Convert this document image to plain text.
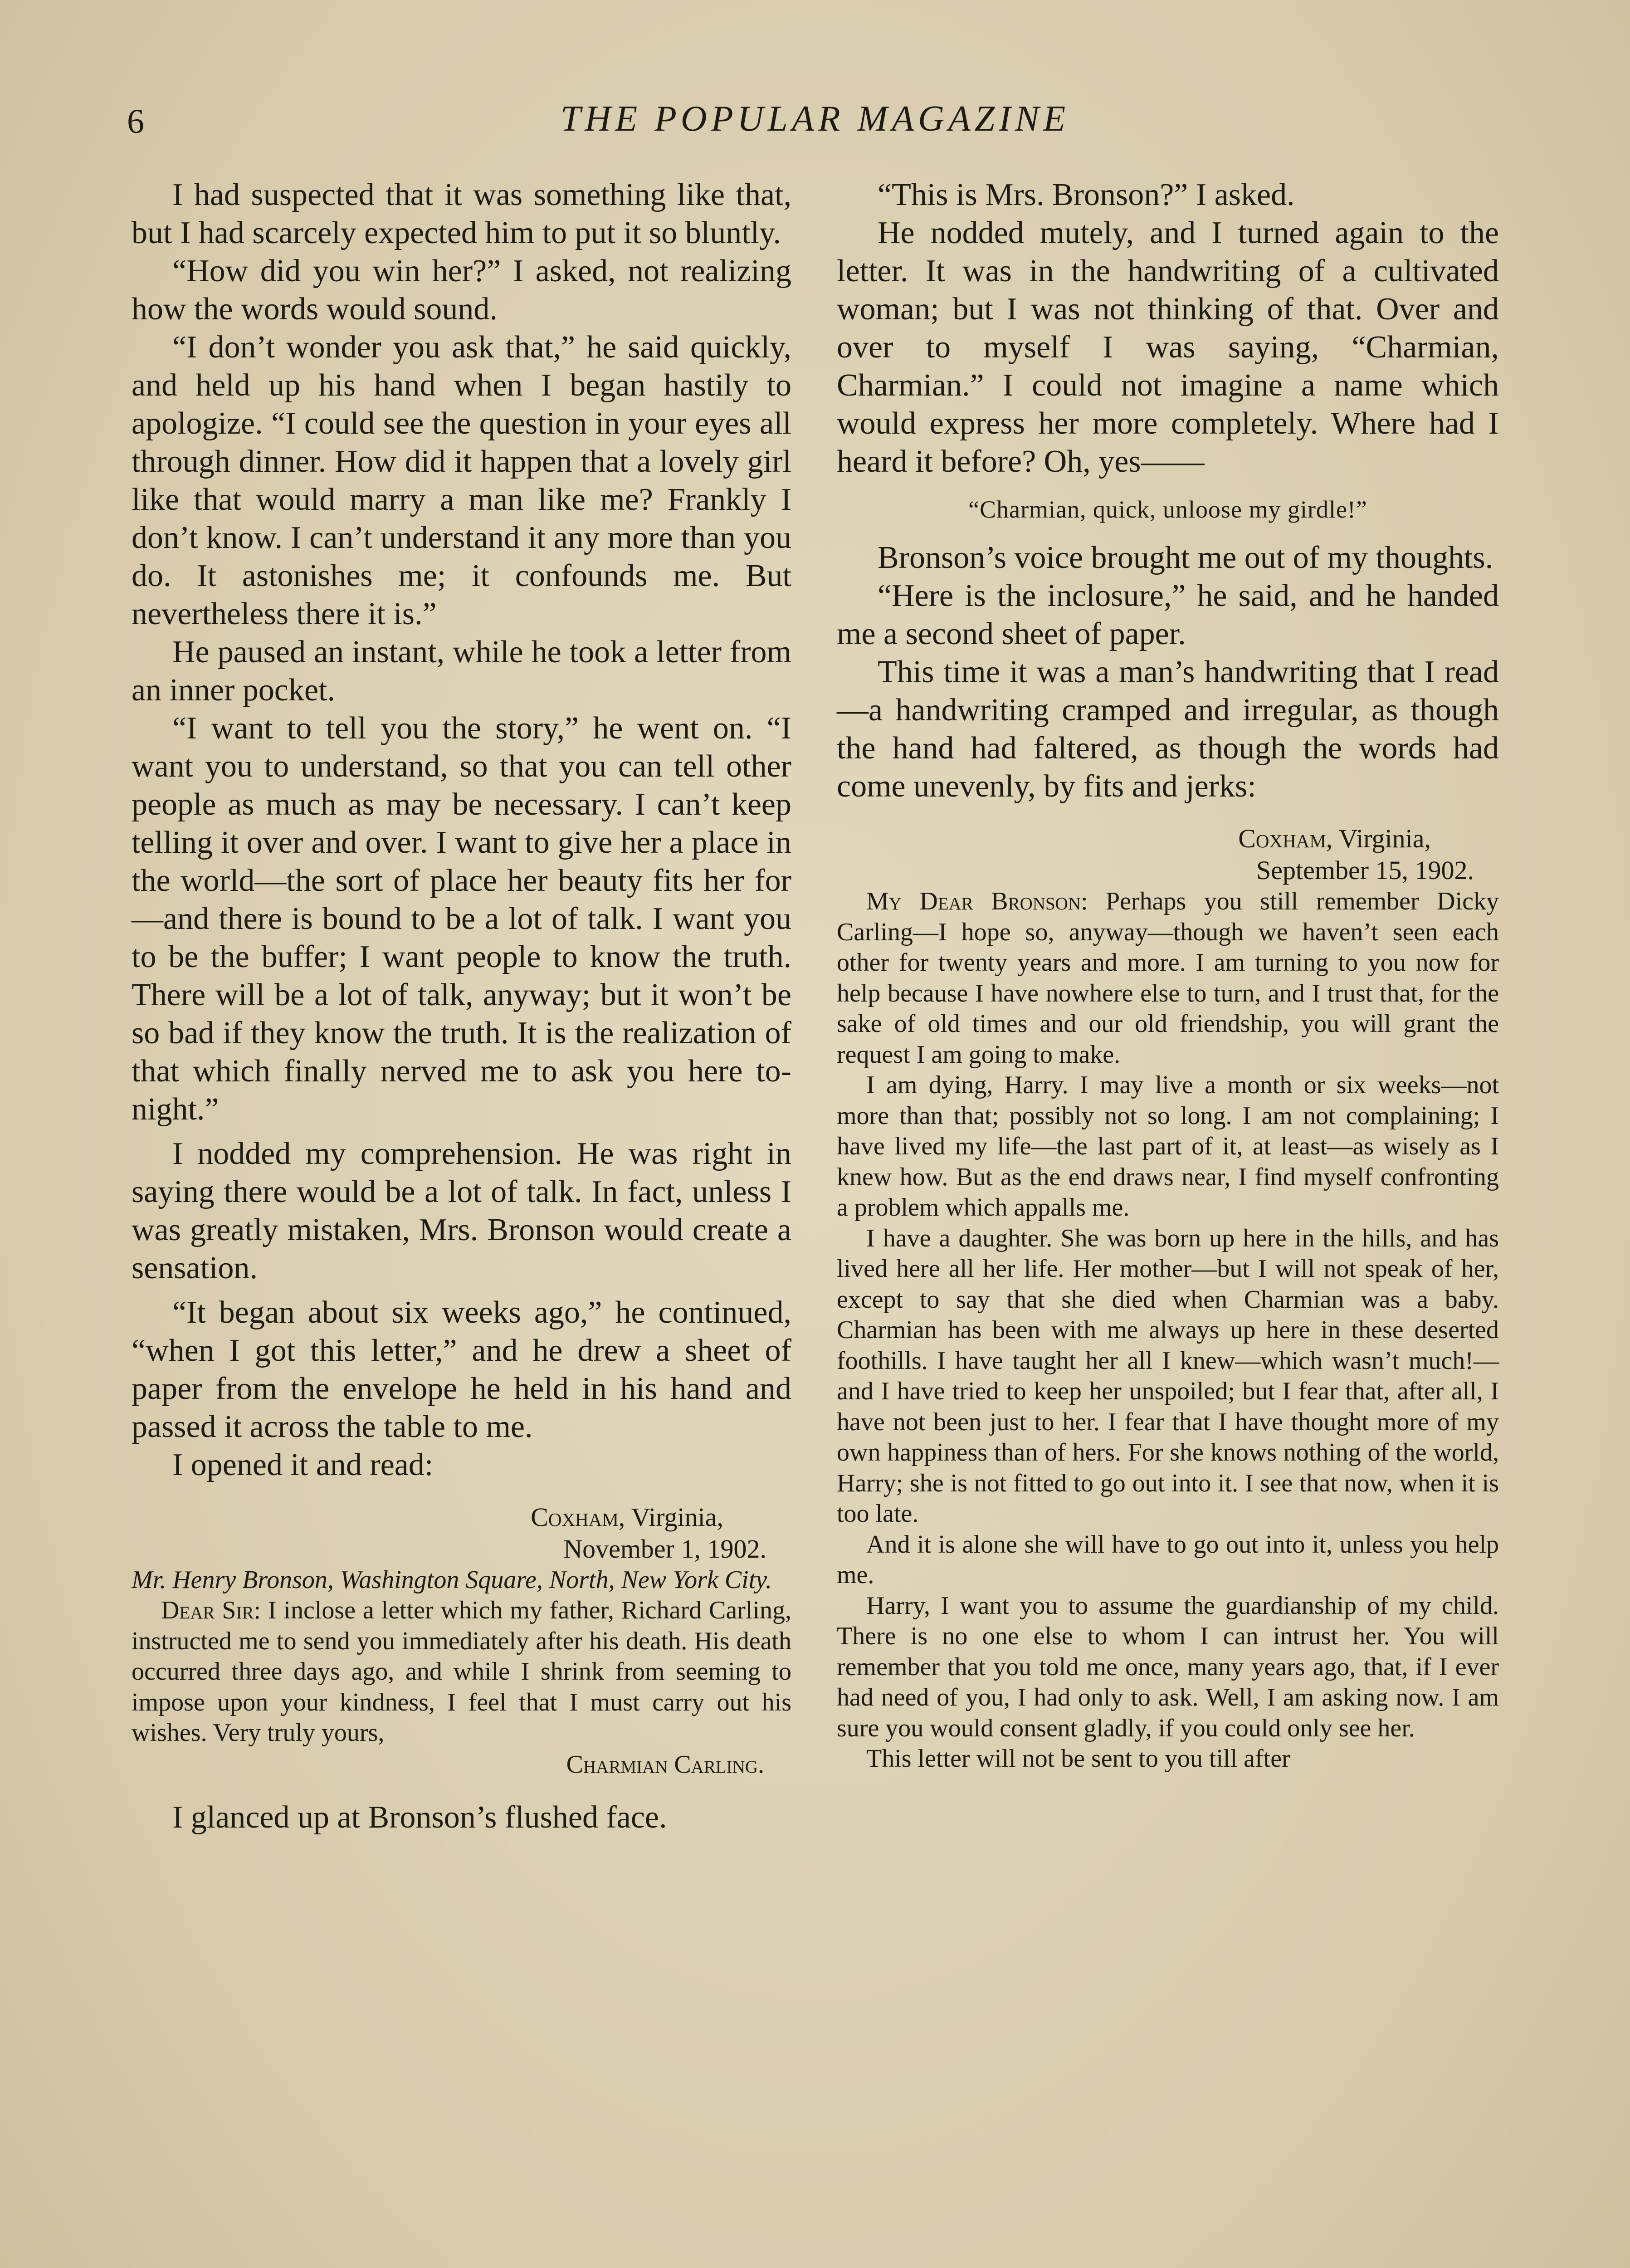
6	THE POPULAR MAGAZINE

I had suspected that it was something like that, but I had scarcely expected him to put it so bluntly.

“How did you win her?” I asked, not realizing how the words would sound.

“I don’t wonder you ask that,” he said quickly, and held up his hand when I began hastily to apologize. “I could see the question in your eyes all through dinner. How did it happen that a lovely girl like that would marry a man like me? Frankly I don’t know. I can’t understand it any more than you do. It astonishes me; it confounds me. But nevertheless there it is.”

He paused an instant, while he took a letter from an inner pocket.

“I want to tell you the story,” he went on. “I want you to understand, so that you can tell other people as much as may be necessary. I can’t keep telling it over and over. I want to give her a place in the world—the sort of place her beauty fits her for—and there is bound to be a lot of talk. I want you to be the buffer; I want people to know the truth. There will be a lot of talk, anyway; but it won’t be so bad if they know the truth. It is the realization of that which finally nerved me to ask you here to-night.”

I nodded my comprehension. He was right in saying there would be a lot of talk. In fact, unless I was greatly mistaken, Mrs. Bronson would create a sensation.

“It began about six weeks ago,” he continued, “when I got this letter,” and he drew a sheet of paper from the envelope he held in his hand and passed it across the table to me.

I opened it and read:

Coxham, Virginia,

November 1, 1902.

Mr. Henry Bronson, Washington Square, North, New York City.

Dear Sir: I inclose a letter which my father, Richard Carling, instructed me to send you immediately after his death. His death occurred three days ago, and while I shrink from seeming to impose upon your kindness, I feel that I must carry out his wishes. Very truly yours,

Charmian Carling.

I glanced up at Bronson’s flushed face.

“This is Mrs. Bronson?” I asked.

He nodded mutely, and I turned again to the letter. It was in the handwriting of a cultivated woman; but I was not thinking of that. Over and over to myself I was saying, “Charmian, Charmian.” I could not imagine a name which would express her more completely. Where had I heard it before? Oh, yes——

“Charmian, quick, unloose my girdle!”

Bronson’s voice brought me out of my thoughts.

“Here is the inclosure,” he said, and he handed me a second sheet of paper.

This time it was a man’s handwriting that I read—a handwriting cramped and irregular, as though the hand had faltered, as though the words had come unevenly, by fits and jerks:

Coxham, Virginia,

September 15, 1902.

My Dear Bronson: Perhaps you still remember Dicky Carling—I hope so, anyway—though we haven’t seen each other for twenty years and more. I am turning to you now for help because I have nowhere else to turn, and I trust that, for the sake of old times and our old friendship, you will grant the request I am going to make.

I am dying, Harry. I may live a month or six weeks—not more than that; possibly not so long. I am not complaining; I have lived my life—the last part of it, at least—as wisely as I knew how. But as the end draws near, I find myself confronting a problem which appalls me.

I have a daughter. She was born up here in the hills, and has lived here all her life. Her mother—but I will not speak of her, except to say that she died when Charmian was a baby. Charmian has been with me always up here in these deserted foothills. I have taught her all I knew—which wasn’t much!—and I have tried to keep her unspoiled; but I fear that, after all, I have not been just to her. I fear that I have thought more of my own happiness than of hers. For she knows nothing of the world, Harry; she is not fitted to go out into it. I see that now, when it is too late.

And it is alone she will have to go out into it, unless you help me.

Harry, I want you to assume the guardianship of my child. There is no one else to whom I can intrust her. You will remember that you told me once, many years ago, that, if I ever had need of you, I had only to ask. Well, I am asking now. I am sure you would consent gladly, if you could only see her.

This letter will not be sent to you till after
